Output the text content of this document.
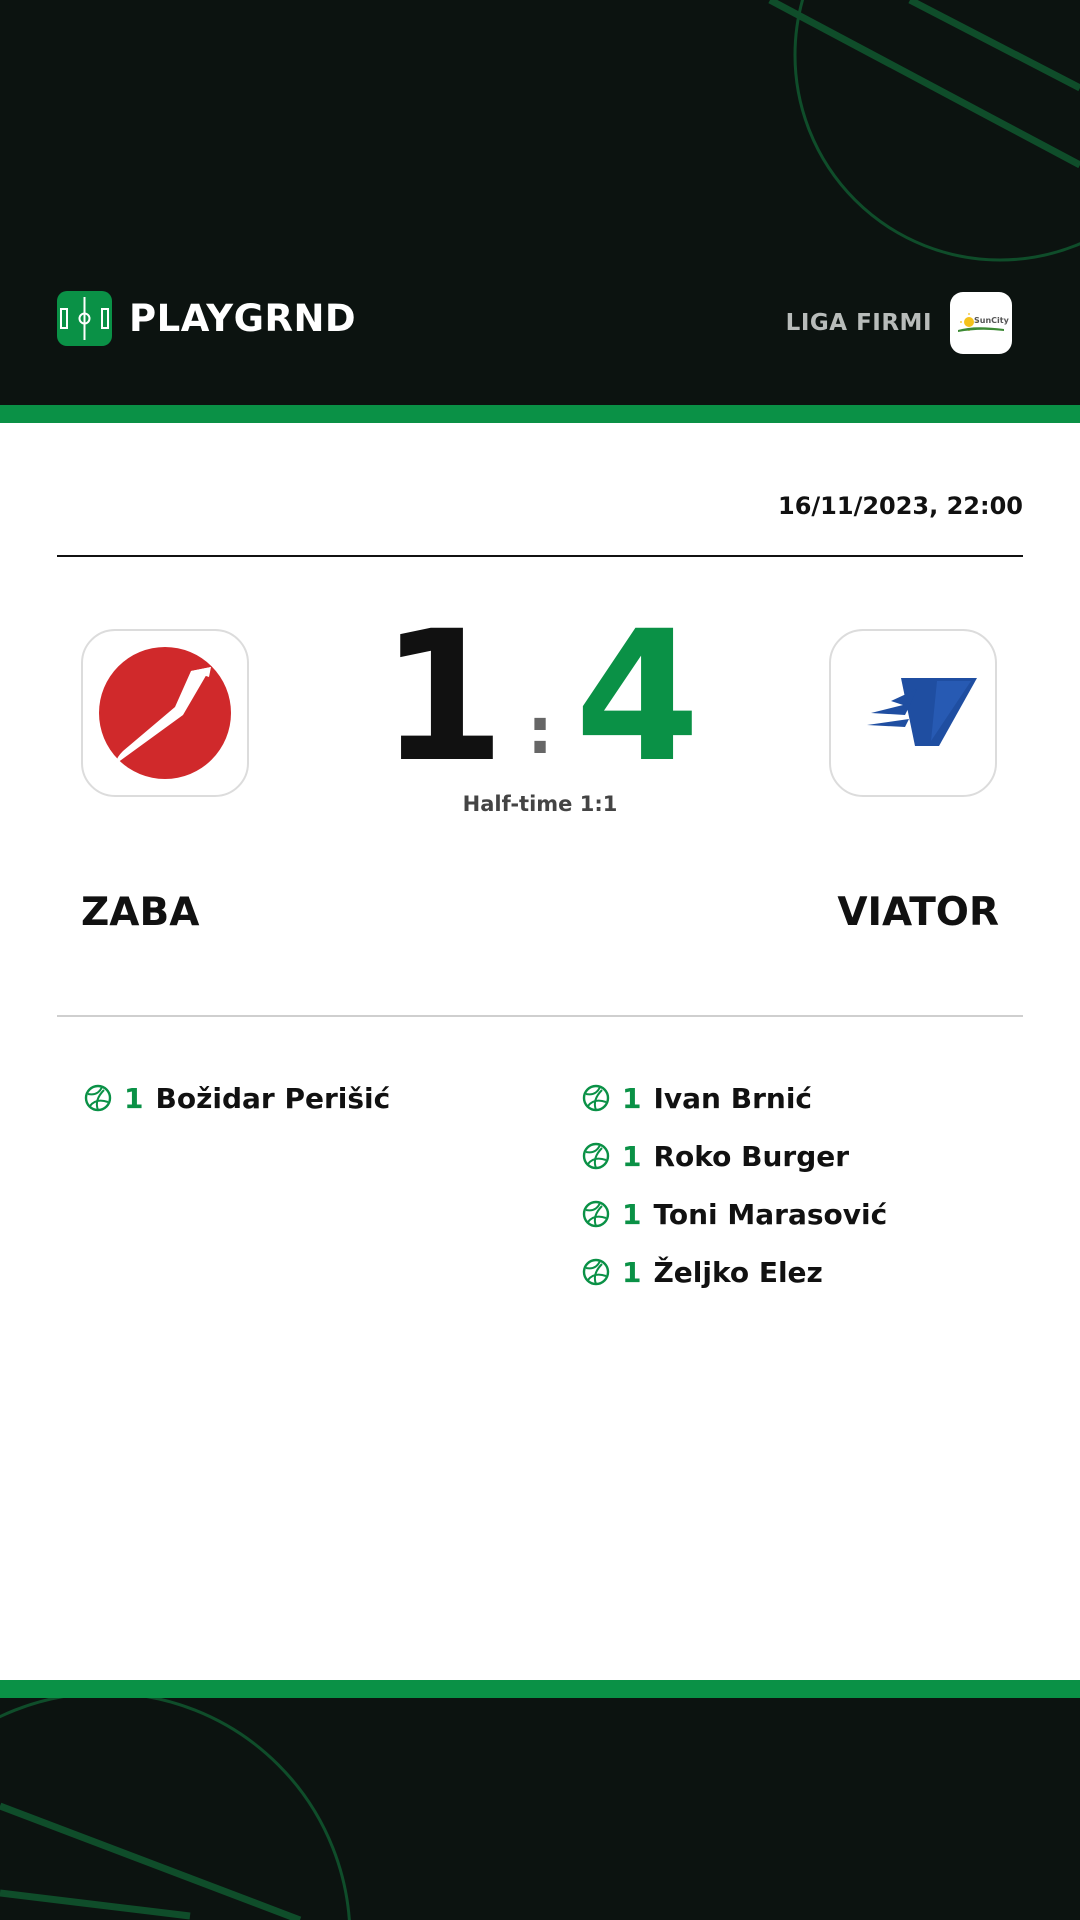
PLAYGRND	LIGA FIRMI	SunCity
16/11/2023, 22:00
1 : 4
Half-time 1:1
ZABA	VIATOR
1 Božidar Perišić	1 Ivan Brnić
1 Roko Burger
1 Toni Marasović
1 Željko Elez
